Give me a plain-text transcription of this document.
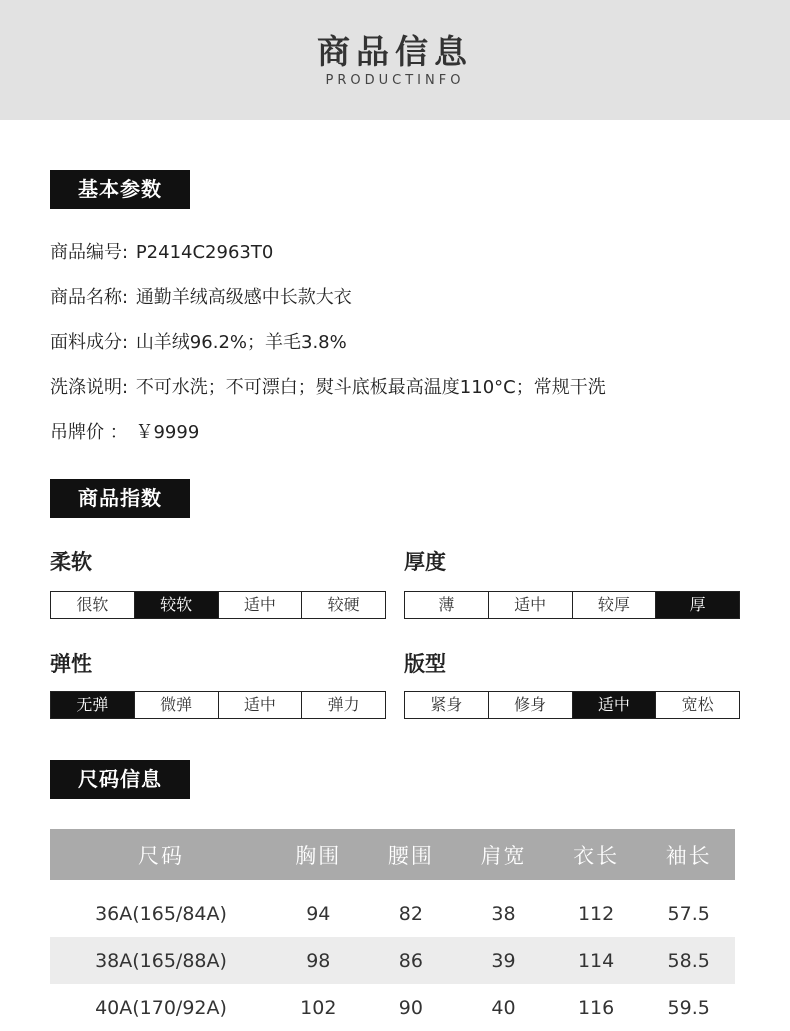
商品信息
PRODUCTINFO
基本参数
商品编号: P2414C2963T0
商品名称: 通勤羊绒高级感中长款大衣
面料成分: 山羊绒96.2%；羊毛3.8%
洗涤说明: 不可水洗；不可漂白；熨斗底板最高温度110°C；常规干洗
吊牌价 ： ￥9999
商品指数
柔软
很软	较软	适中	较硬
厚度
薄	适中	较厚	厚
弹性
无弹	微弹	适中	弹力
版型
紧身	修身	适中	宽松
尺码信息
尺码	胸围	腰围	肩宽	衣长	袖长

36A(165/84A)	94	82	38	112	57.5
38A(165/88A)	98	86	39	114	58.5
40A(170/92A)	102	90	40	116	59.5
